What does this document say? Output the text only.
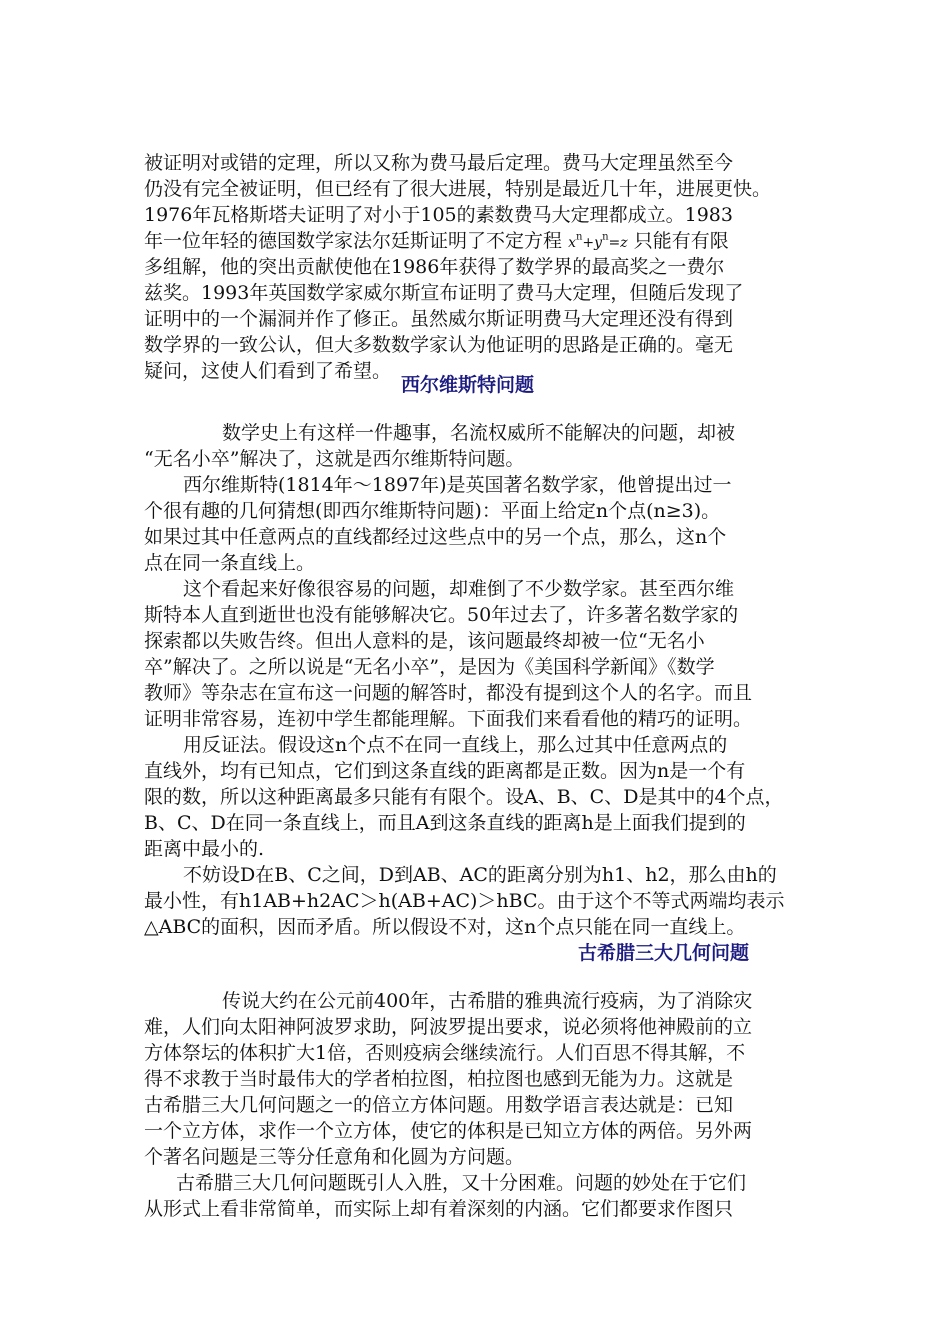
被证明对或错的定理，所以又称为费马最后定理。费马大定理虽然至今
仍没有完全被证明，但已经有了很大进展，特别是最近几十年，进展更快。
1976年瓦格斯塔夫证明了对小于105的素数费马大定理都成立。1983
年一位年轻的德国数学家法尔廷斯证明了不定方程 $x^n+y^n=z$ 只能有有限
多组解，他的突出贡献使他在1986年获得了数学界的最高奖之一费尔
兹奖。1993年英国数学家威尔斯宣布证明了费马大定理，但随后发现了
证明中的一个漏洞并作了修正。虽然威尔斯证明费马大定理还没有得到
数学界的一致公认，但大多数数学家认为他证明的思路是正确的。毫无
疑问，这使人们看到了希望。
西尔维斯特问题
数学史上有这样一件趣事，名流权威所不能解决的问题，却被
“无名小卒”解决了，这就是西尔维斯特问题。
西尔维斯特(1814年～1897年)是英国著名数学家，他曾提出过一
个很有趣的几何猜想(即西尔维斯特问题)：平面上给定n个点(n≥3)。
如果过其中任意两点的直线都经过这些点中的另一个点，那么，这n个
点在同一条直线上。
这个看起来好像很容易的问题，却难倒了不少数学家。甚至西尔维
斯特本人直到逝世也没有能够解决它。50年过去了，许多著名数学家的
探索都以失败告终。但出人意料的是，该问题最终却被一位“无名小
卒”解决了。之所以说是“无名小卒”，是因为《美国科学新闻》《数学
教师》等杂志在宣布这一问题的解答时，都没有提到这个人的名字。而且
证明非常容易，连初中学生都能理解。下面我们来看看他的精巧的证明。
用反证法。假设这n个点不在同一直线上，那么过其中任意两点的
直线外，均有已知点，它们到这条直线的距离都是正数。因为n是一个有
限的数，所以这种距离最多只能有有限个。设A、B、C、D是其中的4个点，
B、C、D在同一条直线上，而且A到这条直线的距离h是上面我们提到的
距离中最小的.
不妨设D在B、C之间，D到AB、AC的距离分别为h1、h2，那么由h的
最小性，有h1AB+h2AC＞h(AB+AC)＞hBC。由于这个不等式两端均表示
△ABC的面积，因而矛盾。所以假设不对，这n个点只能在同一直线上。
古希腊三大几何问题
传说大约在公元前400年，古希腊的雅典流行疫病，为了消除灾
难，人们向太阳神阿波罗求助，阿波罗提出要求，说必须将他神殿前的立
方体祭坛的体积扩大1倍，否则疫病会继续流行。人们百思不得其解，不
得不求教于当时最伟大的学者柏拉图，柏拉图也感到无能为力。这就是
古希腊三大几何问题之一的倍立方体问题。用数学语言表达就是：已知
一个立方体，求作一个立方体，使它的体积是已知立方体的两倍。另外两
个著名问题是三等分任意角和化圆为方问题。
古希腊三大几何问题既引人入胜，又十分困难。问题的妙处在于它们
从形式上看非常简单，而实际上却有着深刻的内涵。它们都要求作图只
